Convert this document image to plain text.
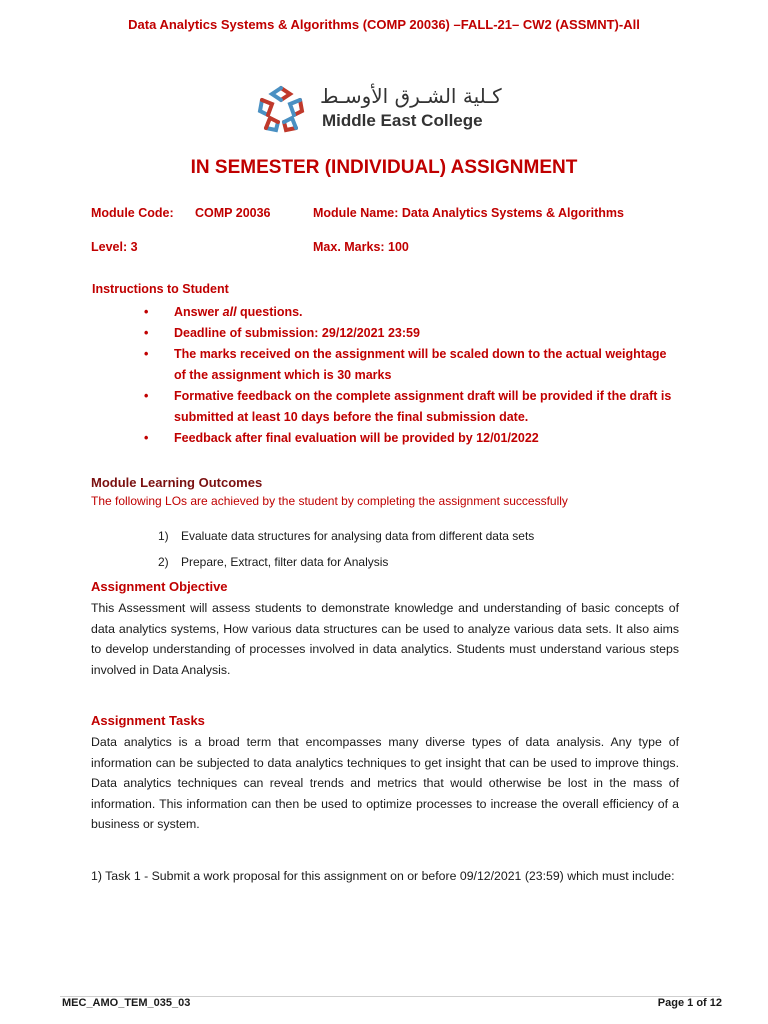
Data Analytics Systems & Algorithms (COMP 20036) –FALL-21– CW2 (ASSMNT)-All
كـلية الشـرق الأوسـط
Middle East College
IN SEMESTER (INDIVIDUAL) ASSIGNMENT
Module Code: COMP 20036	Module Name: Data Analytics Systems & Algorithms
Level: 3	Max. Marks: 100
Instructions to Student
• Answer all questions.
• Deadline of submission: 29/12/2021 23:59
• The marks received on the assignment will be scaled down to the actual weightage
of the assignment which is 30 marks
• Formative feedback on the complete assignment draft will be provided if the draft is
submitted at least 10 days before the final submission date.
• Feedback after final evaluation will be provided by 12/01/2022
Module Learning Outcomes
The following LOs are achieved by the student by completing the assignment successfully
1) Evaluate data structures for analysing data from different data sets
2) Prepare, Extract, filter data for Analysis
Assignment Objective
This Assessment will assess students to demonstrate knowledge and understanding of basic concepts of data analytics systems, How various data structures can be used to analyze various data sets. It also aims to develop understanding of processes involved in data analytics. Students must understand various steps involved in Data Analysis.
Assignment Tasks
Data analytics is a broad term that encompasses many diverse types of data analysis. Any type of information can be subjected to data analytics techniques to get insight that can be used to improve things. Data analytics techniques can reveal trends and metrics that would otherwise be lost in the mass of information. This information can then be used to optimize processes to increase the overall efficiency of a business or system.
1) Task 1 - Submit a work proposal for this assignment on or before 09/12/2021 (23:59) which must include:
MEC_AMO_TEM_035_03	Page 1 of 12
